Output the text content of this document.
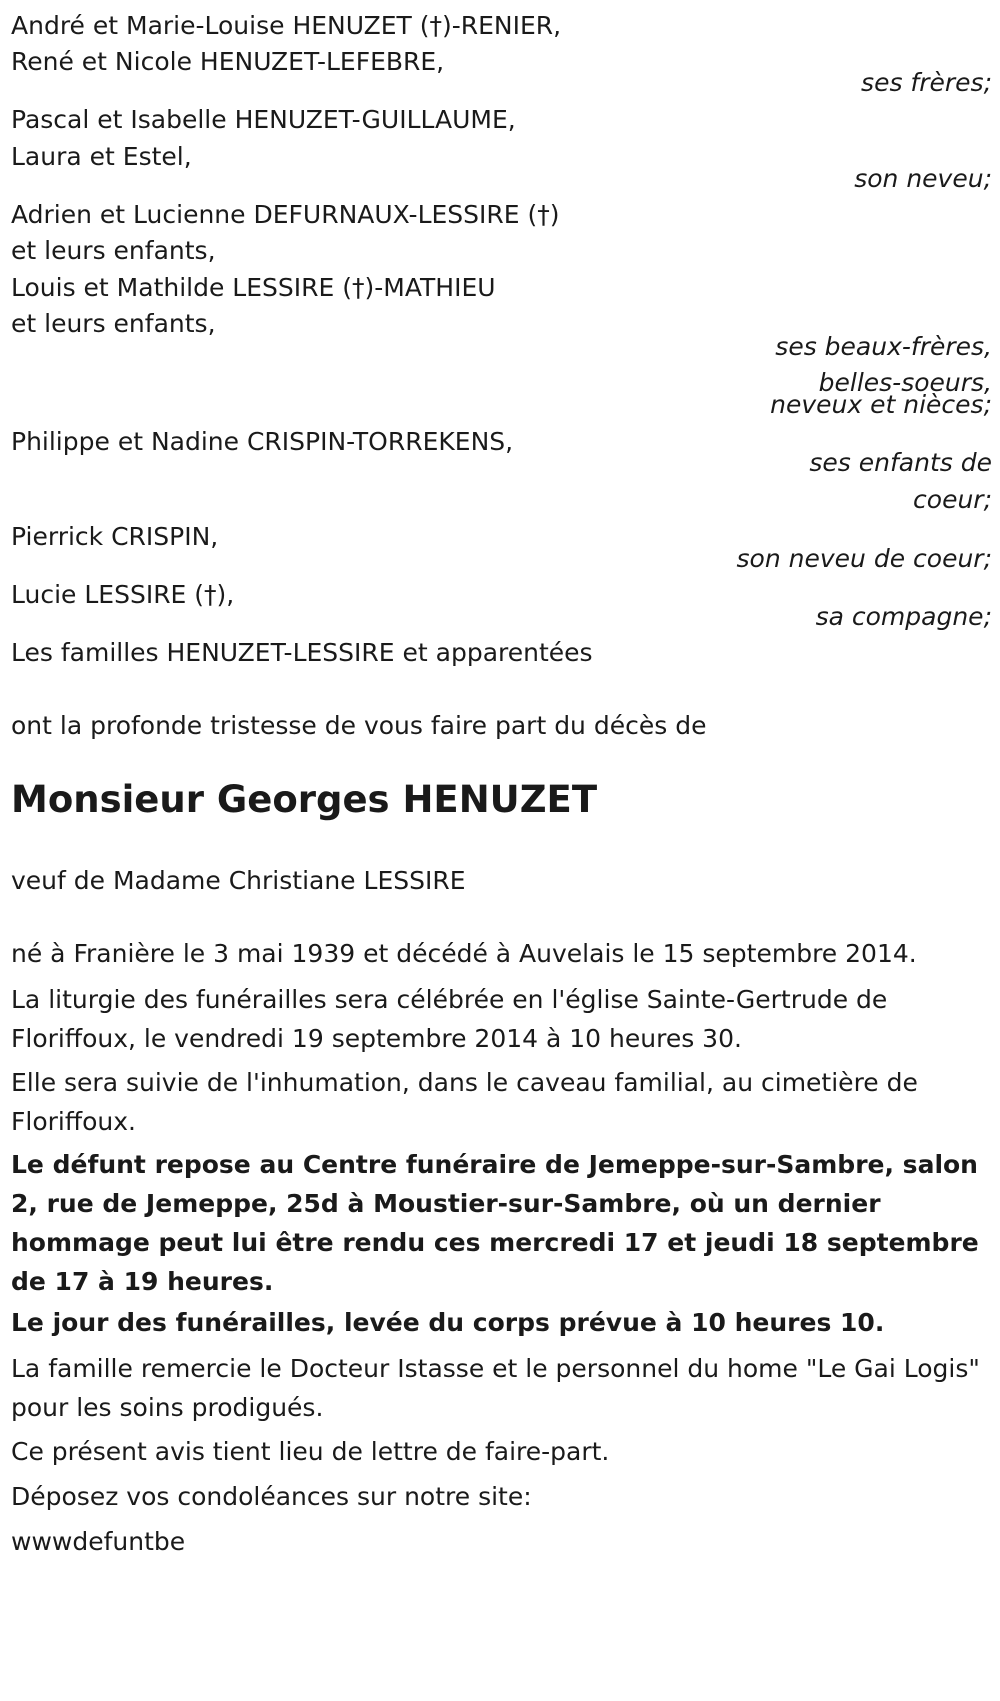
André et Marie-Louise HENUZET (†)-RENIER,

René et Nicole HENUZET-LEFEBRE,

ses frères;

Pascal et Isabelle HENUZET-GUILLAUME,

Laura et Estel,

son neveu;

Adrien et Lucienne DEFURNAUX-LESSIRE (†)

et leurs enfants,

Louis et Mathilde LESSIRE (†)-MATHIEU

et leurs enfants,

ses beaux-frères,

belles-soeurs,

neveux et nièces;

Philippe et Nadine CRISPIN-TORREKENS,

ses enfants de

coeur;

Pierrick CRISPIN,

son neveu de coeur;

Lucie LESSIRE (†),

sa compagne;

Les familles HENUZET-LESSIRE et apparentées

ont la profonde tristesse de vous faire part du décès de

Monsieur Georges HENUZET

veuf de Madame Christiane LESSIRE

né à Franière le 3 mai 1939 et décédé à Auvelais le 15 septembre 2014.

La liturgie des funérailles sera célébrée en l'église Sainte-Gertrude de Floriffoux, le vendredi 19 septembre 2014 à 10 heures 30.

Elle sera suivie de l'inhumation, dans le caveau familial, au cimetière de Floriffoux.

Le défunt repose au Centre funéraire de Jemeppe-sur-Sambre, salon 2, rue de Jemeppe, 25d à Moustier-sur-Sambre, où un dernier hommage peut lui être rendu ces mercredi 17 et jeudi 18 septembre de 17 à 19 heures.

Le jour des funérailles, levée du corps prévue à 10 heures 10.

La famille remercie le Docteur Istasse et le personnel du home "Le Gai Logis" pour les soins prodigués.

Ce présent avis tient lieu de lettre de faire-part.

Déposez vos condoléances sur notre site:

wwwdefuntbe
